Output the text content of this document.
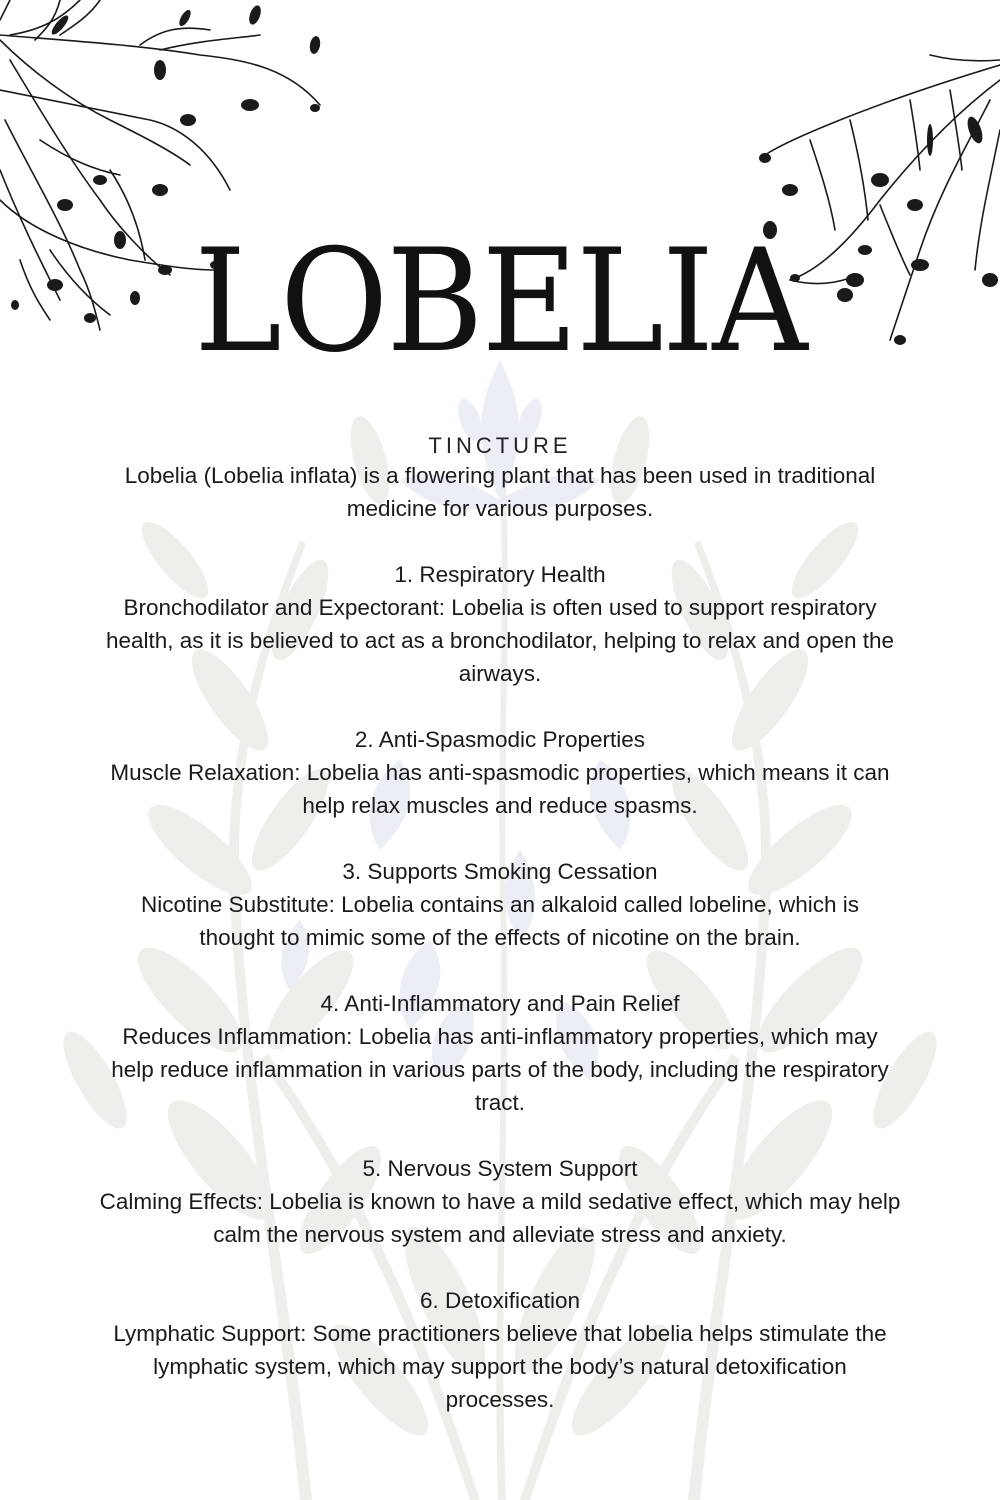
LOBELIA
TINCTURE

Lobelia (Lobelia inflata) is a flowering plant that has been used in traditional

medicine for various purposes.

1. Respiratory Health

Bronchodilator and Expectorant: Lobelia is often used to support respiratory

health, as it is believed to act as a bronchodilator, helping to relax and open the

airways.

2. Anti-Spasmodic Properties

Muscle Relaxation: Lobelia has anti-spasmodic properties, which means it can

help relax muscles and reduce spasms.

3. Supports Smoking Cessation

Nicotine Substitute: Lobelia contains an alkaloid called lobeline, which is

thought to mimic some of the effects of nicotine on the brain.

4. Anti-Inflammatory and Pain Relief

Reduces Inflammation: Lobelia has anti-inflammatory properties, which may

help reduce inflammation in various parts of the body, including the respiratory

tract.

5. Nervous System Support

Calming Effects: Lobelia is known to have a mild sedative effect, which may help

calm the nervous system and alleviate stress and anxiety.

6. Detoxification

Lymphatic Support: Some practitioners believe that lobelia helps stimulate the

lymphatic system, which may support the body’s natural detoxification

processes.
